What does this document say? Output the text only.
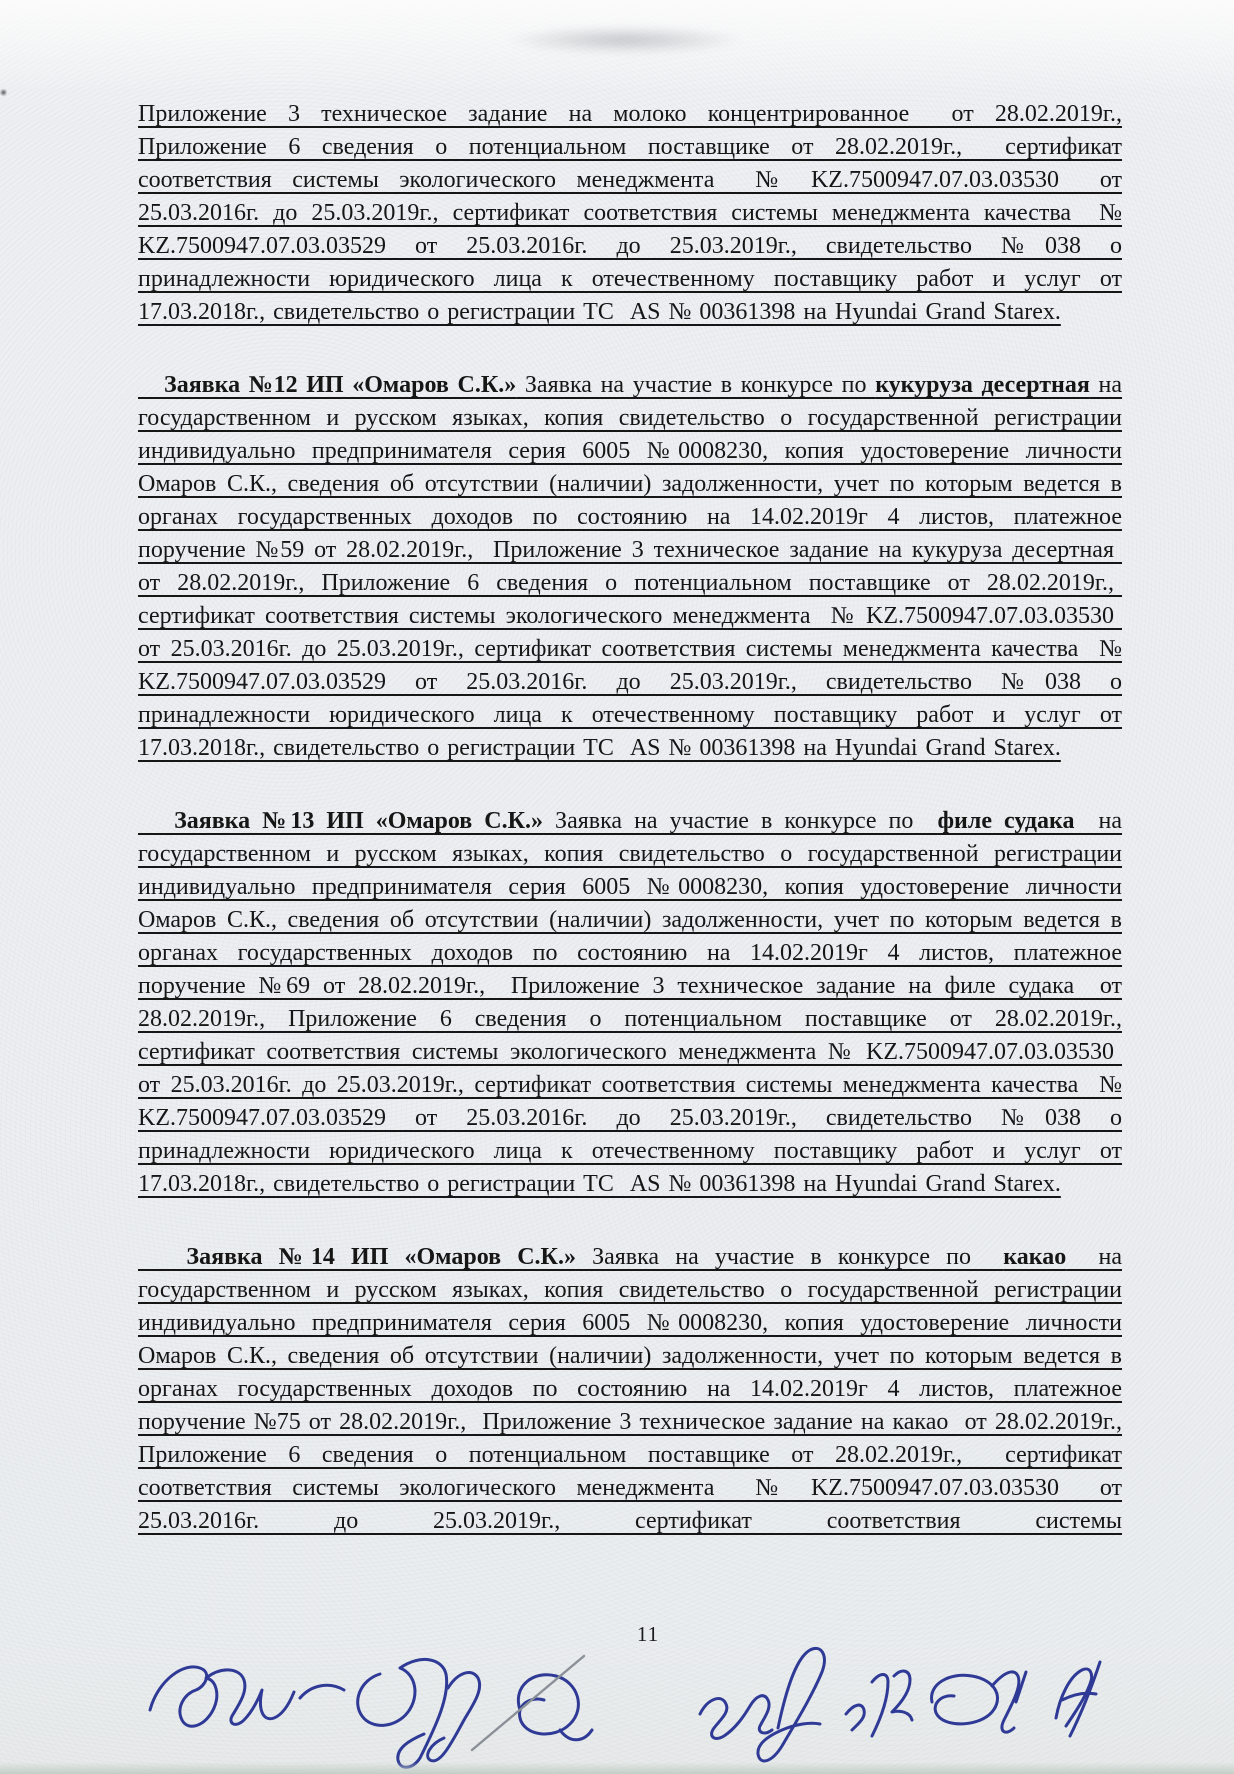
Приложение 3 техническое задание на молоко концентрированное  от 28.02.2019г., Приложение 6 сведения о потенциальном поставщике от 28.02.2019г.,  сертификат соответствия системы экологического менеджмента  № KZ.7500947.07.03.03530  от 25.03.2016г. до 25.03.2019г., сертификат соответствия системы менеджмента качества  № KZ.7500947.07.03.03529 от 25.03.2016г. до 25.03.2019г., свидетельство №038 о принадлежности юридического лица к отечественному поставщику работ и услуг от 17.03.2018г., свидетельство о регистрации ТС  AS № 00361398 на Hyundai Grand Starex.

Заявка №12 ИП «Омаров С.К.» Заявка на участие в конкурсе по кукуруза десертная на государственном и русском языках, копия свидетельство о государственной регистрации индивидуально предпринимателя серия 6005 №0008230, копия удостоверение личности Омаров С.К., сведения об отсутствии (наличии) задолженности, учет по которым ведется в органах государственных доходов по состоянию на 14.02.2019г 4 листов, платежное поручение №59 от 28.02.2019г.,  Приложение 3 техническое задание на кукуруза десертная  от 28.02.2019г., Приложение 6 сведения о потенциальном поставщике от 28.02.2019г.,  сертификат соответствия системы экологического менеджмента  № KZ.7500947.07.03.03530  от 25.03.2016г. до 25.03.2019г., сертификат соответствия системы менеджмента качества  № KZ.7500947.07.03.03529 от 25.03.2016г. до 25.03.2019г., свидетельство №038 о принадлежности юридического лица к отечественному поставщику работ и услуг от 17.03.2018г., свидетельство о регистрации ТС  AS № 00361398 на Hyundai Grand Starex.

Заявка №13 ИП «Омаров С.К.» Заявка на участие в конкурсе по  филе судака  на государственном и русском языках, копия свидетельство о государственной регистрации индивидуально предпринимателя серия 6005 №0008230, копия удостоверение личности Омаров С.К., сведения об отсутствии (наличии) задолженности, учет по которым ведется в органах государственных доходов по состоянию на 14.02.2019г 4 листов, платежное поручение №69 от 28.02.2019г.,  Приложение 3 техническое задание на филе судака  от 28.02.2019г., Приложение 6 сведения о потенциальном поставщике от 28.02.2019г., сертификат соответствия системы экологического менеджмента № KZ.7500947.07.03.03530  от 25.03.2016г. до 25.03.2019г., сертификат соответствия системы менеджмента качества  № KZ.7500947.07.03.03529 от 25.03.2016г. до 25.03.2019г., свидетельство №038 о принадлежности юридического лица к отечественному поставщику работ и услуг от 17.03.2018г., свидетельство о регистрации ТС  AS № 00361398 на Hyundai Grand Starex.

Заявка №14 ИП «Омаров С.К.» Заявка на участие в конкурсе по  какао  на государственном и русском языках, копия свидетельство о государственной регистрации индивидуально предпринимателя серия 6005 №0008230, копия удостоверение личности Омаров С.К., сведения об отсутствии (наличии) задолженности, учет по которым ведется в органах государственных доходов по состоянию на 14.02.2019г 4 листов, платежное поручение №75 от 28.02.2019г.,  Приложение 3 техническое задание на какао  от 28.02.2019г., Приложение 6 сведения о потенциальном поставщике от 28.02.2019г.,  сертификат соответствия системы экологического менеджмента  № KZ.7500947.07.03.03530  от 25.03.2016г. до 25.03.2019г., сертификат соответствия системы

11
